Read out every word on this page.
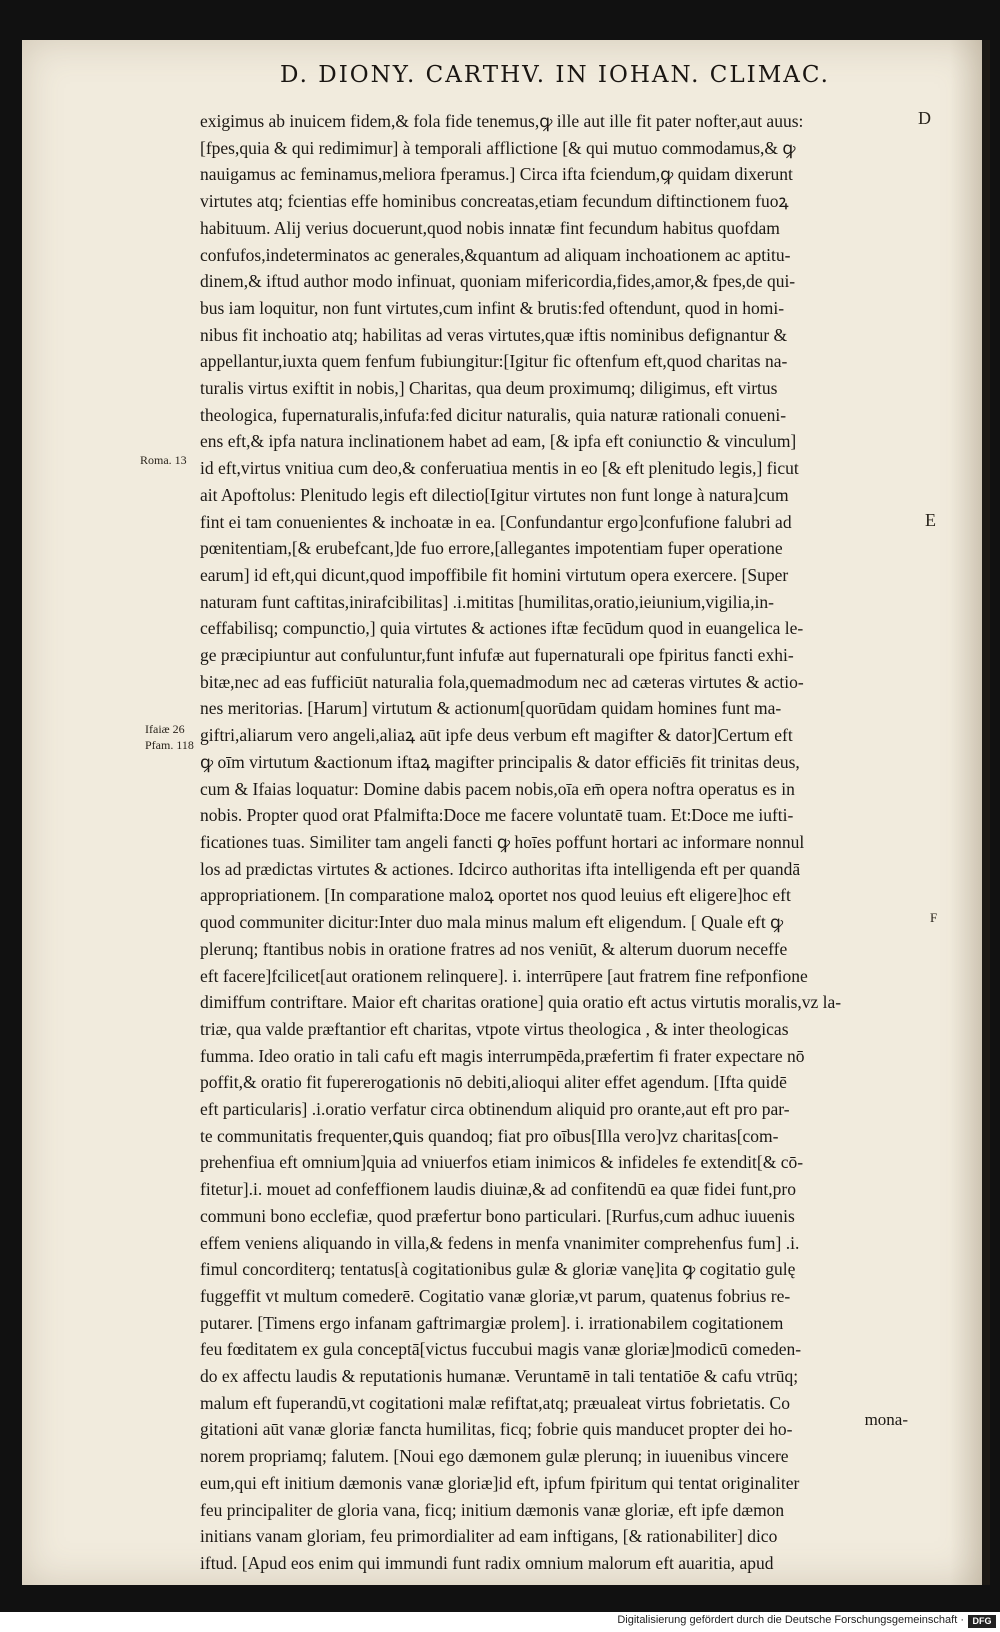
D. DIONY. CARTHV. IN IOHAN. CLIMAC.
exigimus ab inuicem fidem,& fola fide tenemus,ꝙ ille aut ille fit pater nofter,aut auus:
[fpes,quia & qui redimimur] à temporali afflictione [& qui mutuo commodamus,& ꝙ
nauigamus ac feminamus,meliora fperamus.] Circa ifta fciendum,ꝙ quidam dixerunt
virtutes atq; fcientias effe hominibus concreatas,etiam fecundum diftinctionem fuoꝝ
habituum. Alij verius docuerunt,quod nobis innatæ fint fecundum habitus quofdam
confufos,indeterminatos ac generales,&quantum ad aliquam inchoationem ac aptitu-
dinem,& iftud author modo infinuat, quoniam mifericordia,fides,amor,& fpes,de qui-
bus iam loquitur, non funt virtutes,cum infint & brutis:fed oftendunt, quod in homi-
nibus fit inchoatio atq; habilitas ad veras virtutes,quæ iftis nominibus defignantur &
appellantur,iuxta quem fenfum fubiungitur:[Igitur fic oftenfum eft,quod charitas na-
turalis virtus exiftit in nobis,] Charitas, qua deum proximumq; diligimus, eft virtus
theologica, fupernaturalis,infufa:fed dicitur naturalis, quia naturæ rationali conueni-
ens eft,& ipfa natura inclinationem habet ad eam, [& ipfa eft coniunctio & vinculum]
id eft,virtus vnitiua cum deo,& conferuatiua mentis in eo [& eft plenitudo legis,] ficut
ait Apoftolus: Plenitudo legis eft dilectio[Igitur virtutes non funt longe à natura]cum
fint ei tam conuenientes & inchoatæ in ea. [Confundantur ergo]confufione falubri ad
pœnitentiam,[& erubefcant,]de fuo errore,[allegantes impotentiam fuper operatione
earum] id eft,qui dicunt,quod impoffibile fit homini virtutum opera exercere. [Super
naturam funt caftitas,inirafcibilitas] .i.mititas [humilitas,oratio,ieiunium,vigilia,in-
ceffabilisq; compunctio,] quia virtutes & actiones iftæ fecūdum quod in euangelica le-
ge præcipiuntur aut confuluntur,funt infufæ aut fupernaturali ope fpiritus fancti exhi-
bitæ,nec ad eas fufficiūt naturalia fola,quemadmodum nec ad cæteras virtutes & actio-
nes meritorias. [Harum] virtutum & actionum[quorūdam quidam homines funt ma-
giftri,aliarum vero angeli,aliaꝝ aūt ipfe deus verbum eft magifter & dator]Certum eft
ꝙ oīm virtutum &actionum iftaꝝ magifter principalis & dator efficiēs fit trinitas deus,
cum & Ifaias loquatur: Domine dabis pacem nobis,oīa em̄ opera noftra operatus es in
nobis. Propter quod orat Pfalmifta:Doce me facere voluntatē tuam. Et:Doce me iufti-
ficationes tuas. Similiter tam angeli fancti ꝙ hoīes poffunt hortari ac informare nonnul
los ad prædictas virtutes & actiones. Idcirco authoritas ifta intelligenda eft per quandā
appropriationem. [In comparatione maloꝝ oportet nos quod leuius eft eligere]hoc eft
quod communiter dicitur:Inter duo mala minus malum eft eligendum. [ Quale eft ꝙ
plerunq; ftantibus nobis in oratione fratres ad nos veniūt, & alterum duorum neceffe
eft facere]fcilicet[aut orationem relinquere]. i. interrūpere [aut fratrem fine refponfione
dimiffum contriftare. Maior eft charitas oratione] quia oratio eft actus virtutis moralis,vz la-
triæ, qua valde præftantior eft charitas, vtpote virtus theologica , & inter theologicas
fumma. Ideo oratio in tali cafu eft magis interrumpēda,præfertim fi frater expectare nō
poffit,& oratio fit fupererogationis nō debiti,alioqui aliter effet agendum. [Ifta quidē
eft particularis] .i.oratio verfatur circa obtinendum aliquid pro orante,aut eft pro par-
te communitatis frequenter,ꝗuis quandoq; fiat pro oībus[Illa vero]vz charitas[com-
prehenfiua eft omnium]quia ad vniuerfos etiam inimicos & infideles fe extendit[& cō-
fitetur].i. mouet ad confeffionem laudis diuinæ,& ad confitendū ea quæ fidei funt,pro
communi bono ecclefiæ, quod præfertur bono particulari. [Rurfus,cum adhuc iuuenis
effem veniens aliquando in villa,& fedens in menfa vnanimiter comprehenfus fum] .i.
fimul concorditerq; tentatus[à cogitationibus gulæ & gloriæ vanę]ita ꝙ cogitatio gulę
fuggeffit vt multum comederē. Cogitatio vanæ gloriæ,vt parum, quatenus fobrius re-
putarer. [Timens ergo infanam gaftrimargiæ prolem]. i. irrationabilem cogitationem
feu fœditatem ex gula conceptā[victus fuccubui magis vanæ gloriæ]modicū comeden-
do ex affectu laudis & reputationis humanæ. Veruntamē in tali tentatiōe & cafu vtrūq;
malum eft fuperandū,vt cogitationi malæ refiftat,atq; præualeat virtus fobrietatis. Co
gitationi aūt vanæ gloriæ fancta humilitas, ficq; fobrie quis manducet propter dei ho-
norem propriamq; falutem. [Noui ego dæmonem gulæ plerunq; in iuuenibus vincere
eum,qui eft initium dæmonis vanæ gloriæ]id eft, ipfum fpiritum qui tentat originaliter
feu principaliter de gloria vana, ficq; initium dæmonis vanæ gloriæ, eft ipfe dæmon
initians vanam gloriam, feu primordialiter ad eam inftigans, [& rationabiliter] dico
iftud. [Apud eos enim qui immundi funt radix omnium malorum eft auaritia, apud
Roma. 13
Ifaiæ 26
Pfam. 118
D
E
F
mona-
Digitalisierung gefördert durch die Deutsche Forschungsgemeinschaft · DFG
